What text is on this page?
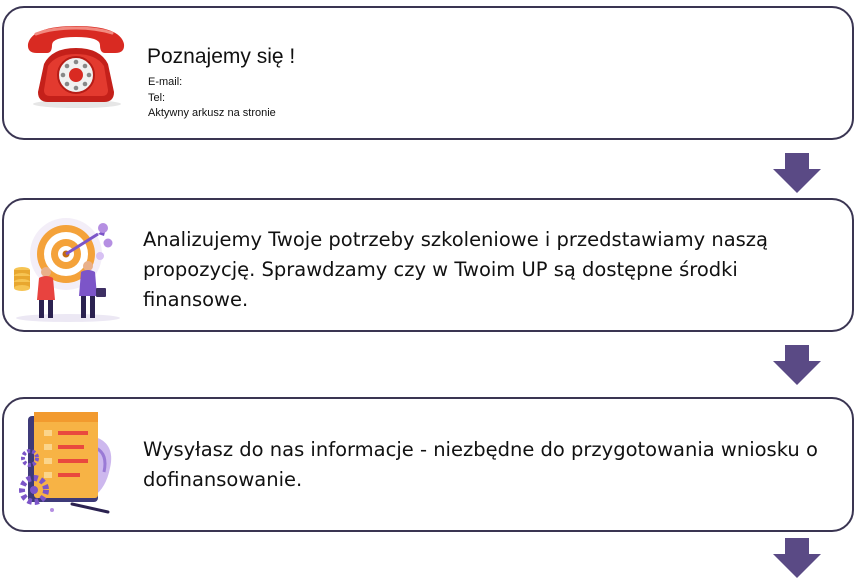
Poznajemy się !
E-mail:
Tel:
Aktywny arkusz na stronie
Analizujemy Twoje potrzeby szkoleniowe i przedstawiamy naszą propozycję. Sprawdzamy czy w Twoim UP są dostępne środki finansowe.
Wysyłasz do nas informacje - niezbędne do przygotowania wniosku o dofinansowanie.
